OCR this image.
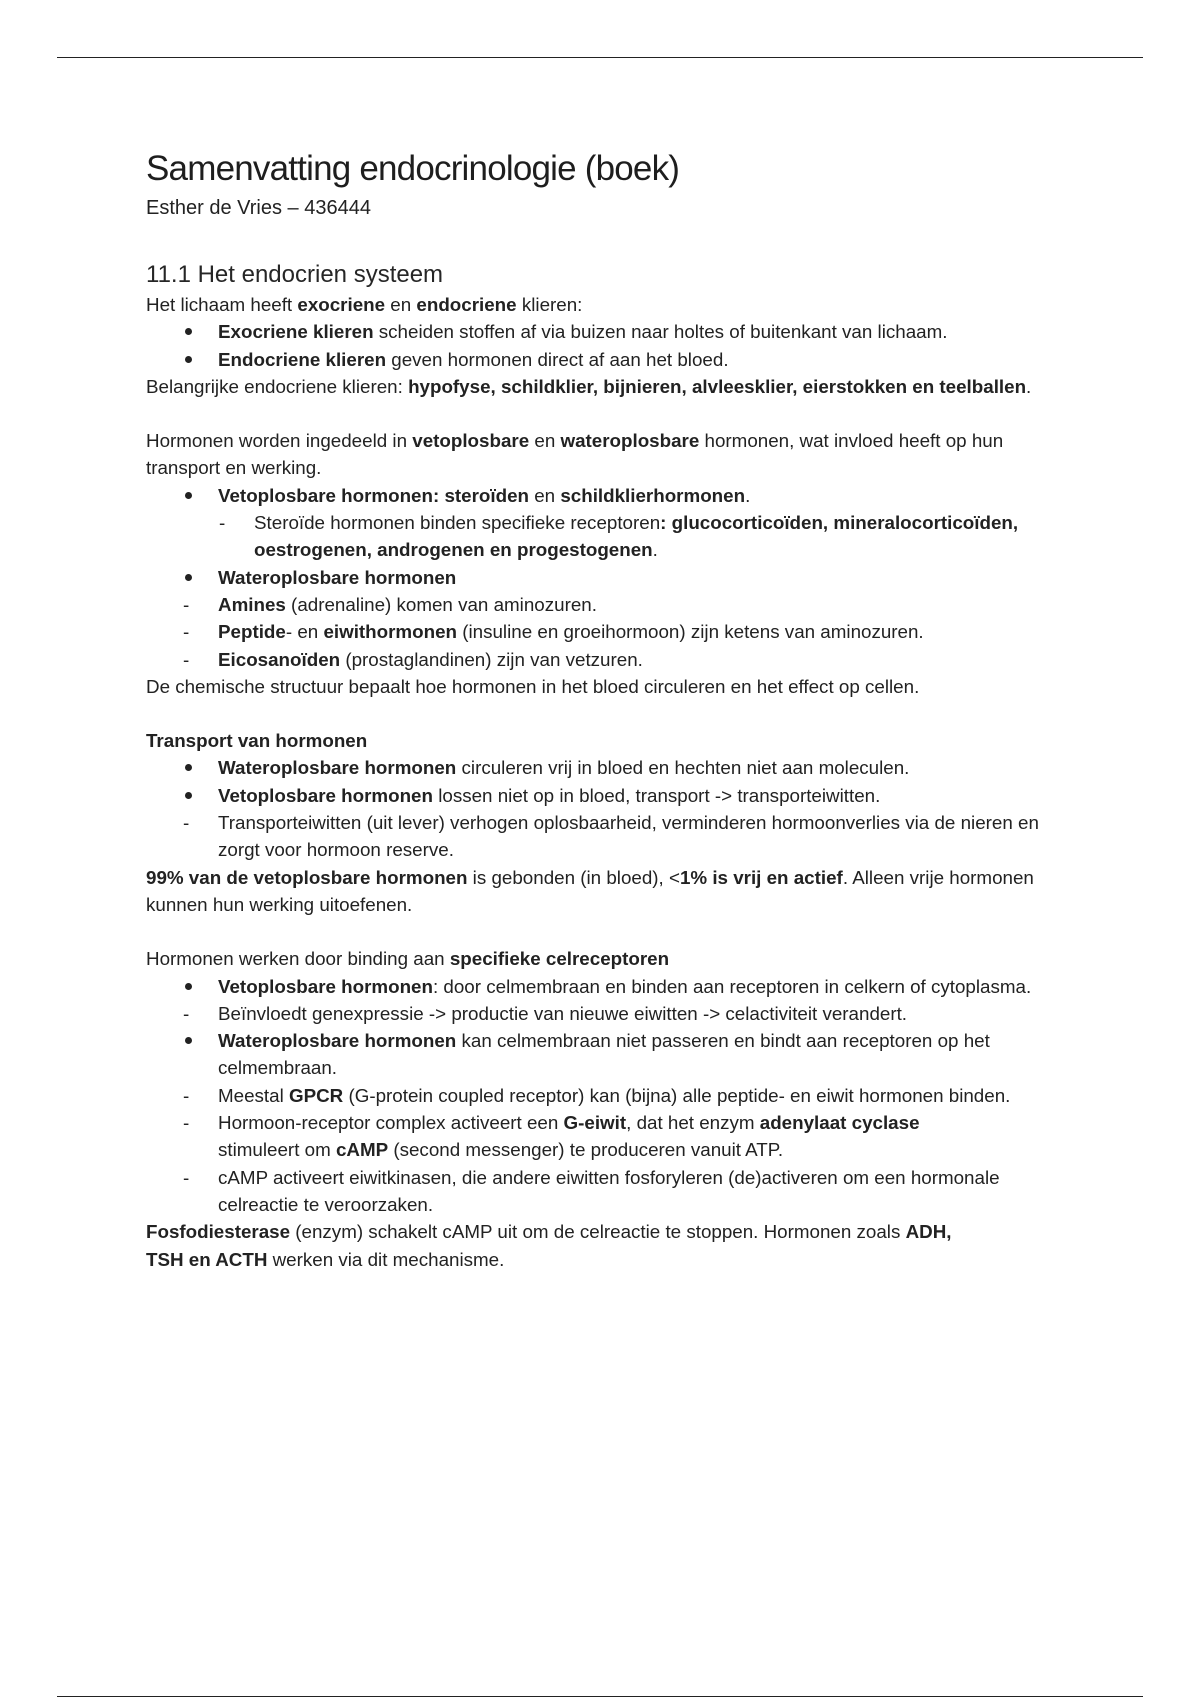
Samenvatting endocrinologie (boek)

Esther de Vries – 436444

11.1 Het endocrien systeem

Het lichaam heeft exocriene en endocriene klieren:

Exocriene klieren scheiden stoffen af via buizen naar holtes of buitenkant van lichaam.
Endocriene klieren geven hormonen direct af aan het bloed.

Belangrijke endocriene klieren: hypofyse, schildklier, bijnieren, alvleesklier, eierstokken en teelballen.

Hormonen worden ingedeeld in vetoplosbare en wateroplosbare hormonen, wat invloed heeft op hun transport en werking.

Vetoplosbare hormonen: steroïden en schildklierhormonen.
- Steroïde hormonen binden specifieke receptoren: glucocorticoïden, mineralocorticoïden, oestrogenen, androgenen en progestogenen.
Wateroplosbare hormonen
- Amines (adrenaline) komen van aminozuren.
- Peptide- en eiwithormonen (insuline en groeihormoon) zijn ketens van aminozuren.
- Eicosanoïden (prostaglandinen) zijn van vetzuren.

De chemische structuur bepaalt hoe hormonen in het bloed circuleren en het effect op cellen.

Transport van hormonen

Wateroplosbare hormonen circuleren vrij in bloed en hechten niet aan moleculen.
Vetoplosbare hormonen lossen niet op in bloed, transport -> transporteiwitten.
- Transporteiwitten (uit lever) verhogen oplosbaarheid, verminderen hormoonverlies via de nieren en zorgt voor hormoon reserve.

99% van de vetoplosbare hormonen is gebonden (in bloed), <1% is vrij en actief. Alleen vrije hormonen kunnen hun werking uitoefenen.

Hormonen werken door binding aan specifieke celreceptoren

Vetoplosbare hormonen: door celmembraan en binden aan receptoren in celkern of cytoplasma.
- Beïnvloedt genexpressie -> productie van nieuwe eiwitten -> celactiviteit verandert.
Wateroplosbare hormonen kan celmembraan niet passeren en bindt aan receptoren op het celmembraan.
- Meestal GPCR (G-protein coupled receptor) kan (bijna) alle peptide- en eiwit hormonen binden.
- Hormoon-receptor complex activeert een G-eiwit, dat het enzym adenylaat cyclase stimuleert om cAMP (second messenger) te produceren vanuit ATP.
- cAMP activeert eiwitkinasen, die andere eiwitten fosforyleren (de)activeren om een hormonale celreactie te veroorzaken.

Fosfodiesterase (enzym) schakelt cAMP uit om de celreactie te stoppen. Hormonen zoals ADH, TSH en ACTH werken via dit mechanisme.
